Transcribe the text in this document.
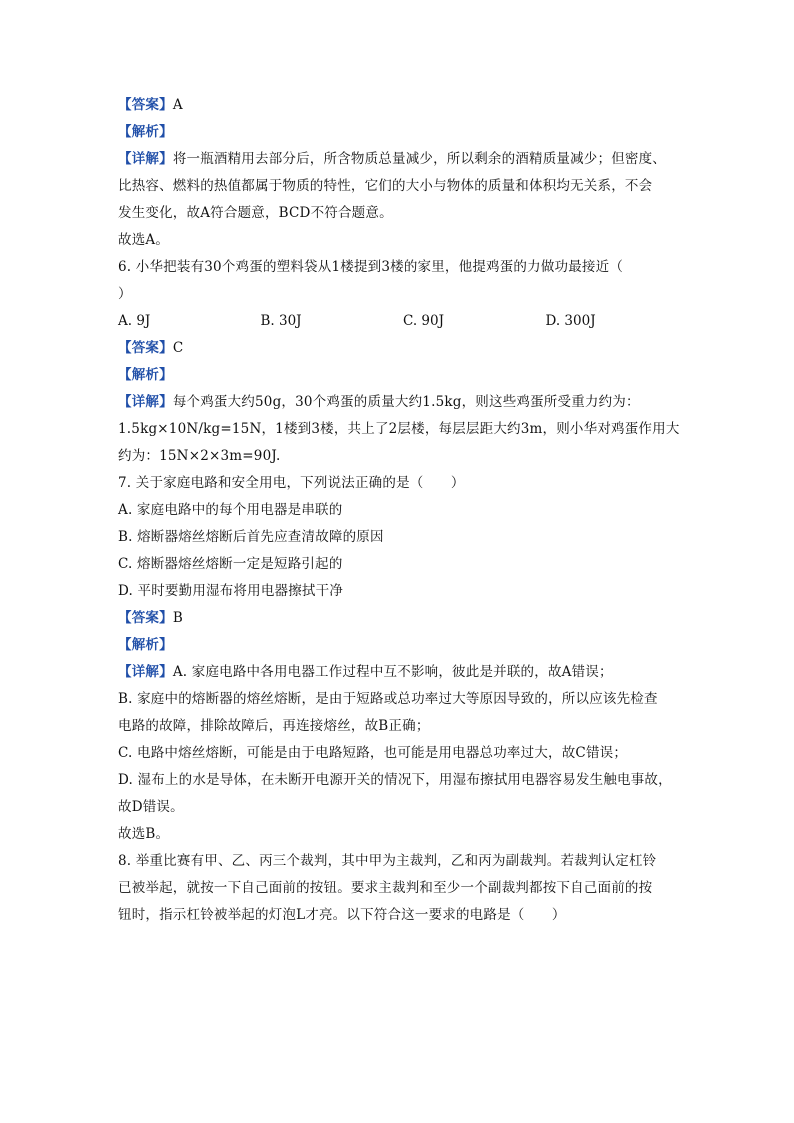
【答案】A
【解析】
【详解】将一瓶酒精用去部分后，所含物质总量减少，所以剩余的酒精质量减少；但密度、
比热容、燃料的热值都属于物质的特性，它们的大小与物体的质量和体积均无关系，不会
发生变化，故A符合题意，BCD不符合题意。
故选A。
6. 小华把装有30个鸡蛋的塑料袋从1楼提到3楼的家里，他提鸡蛋的力做功最接近（
）
A. 9J	B. 30J	C. 90J	D. 300J
【答案】C
【解析】
【详解】每个鸡蛋大约50g，30个鸡蛋的质量大约1.5kg，则这些鸡蛋所受重力约为：
1.5kg×10N/kg=15N，1楼到3楼，共上了2层楼，每层层距大约3m，则小华对鸡蛋作用大
约为：15N×2×3m=90J.
7. 关于家庭电路和安全用电，下列说法正确的是（　　）
A. 家庭电路中的每个用电器是串联的
B. 熔断器熔丝熔断后首先应查清故障的原因
C. 熔断器熔丝熔断一定是短路引起的
D. 平时要勤用湿布将用电器擦拭干净
【答案】B
【解析】
【详解】A. 家庭电路中各用电器工作过程中互不影响，彼此是并联的，故A错误；
B. 家庭中的熔断器的熔丝熔断，是由于短路或总功率过大等原因导致的，所以应该先检查
电路的故障，排除故障后，再连接熔丝，故B正确；
C. 电路中熔丝熔断，可能是由于电路短路，也可能是用电器总功率过大，故C错误；
D. 湿布上的水是导体，在未断开电源开关的情况下，用湿布擦拭用电器容易发生触电事故，
故D错误。
故选B。
8. 举重比赛有甲、乙、丙三个裁判，其中甲为主裁判，乙和丙为副裁判。若裁判认定杠铃
已被举起，就按一下自己面前的按钮。要求主裁判和至少一个副裁判都按下自己面前的按
钮时，指示杠铃被举起的灯泡L才亮。以下符合这一要求的电路是（　　）
